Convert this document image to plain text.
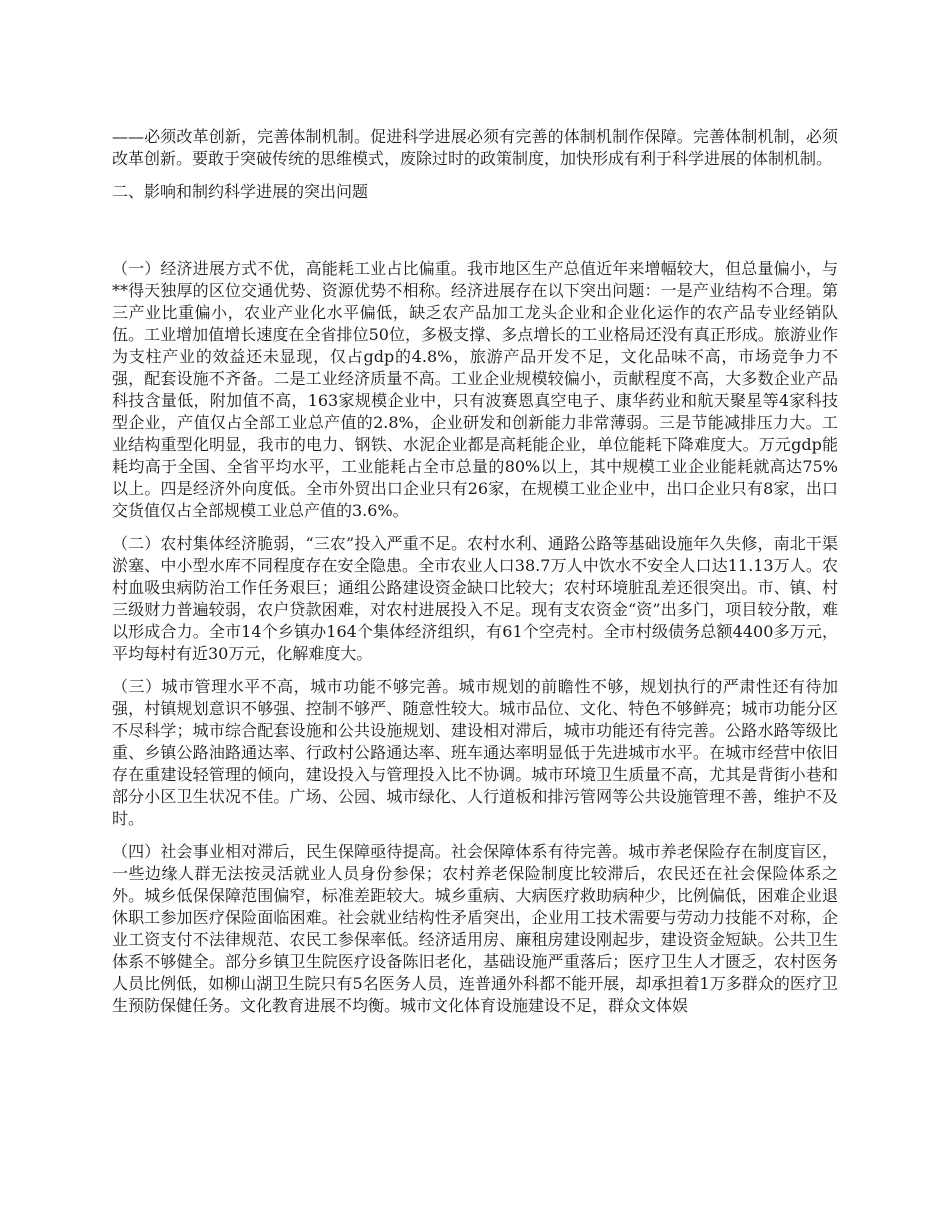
——必须改革创新，完善体制机制。促进科学进展必须有完善的体制机制作保障。完善体制机制，必须改革创新。要敢于突破传统的思维模式，废除过时的政策制度，加快形成有利于科学进展的体制机制。

二、影响和制约科学进展的突出问题

（一）经济进展方式不优，高能耗工业占比偏重。我市地区生产总值近年来增幅较大，但总量偏小，与**得天独厚的区位交通优势、资源优势不相称。经济进展存在以下突出问题：一是产业结构不合理。第三产业比重偏小，农业产业化水平偏低，缺乏农产品加工龙头企业和企业化运作的农产品专业经销队伍。工业增加值增长速度在全省排位50位，多极支撑、多点增长的工业格局还没有真正形成。旅游业作为支柱产业的效益还未显现，仅占gdp的4.8%，旅游产品开发不足，文化品味不高，市场竞争力不强，配套设施不齐备。二是工业经济质量不高。工业企业规模较偏小，贡献程度不高，大多数企业产品科技含量低，附加值不高，163家规模企业中，只有波赛恩真空电子、康华药业和航天聚星等4家科技型企业，产值仅占全部工业总产值的2.8%，企业研发和创新能力非常薄弱。三是节能减排压力大。工业结构重型化明显，我市的电力、钢铁、水泥企业都是高耗能企业，单位能耗下降难度大。万元gdp能耗均高于全国、全省平均水平，工业能耗占全市总量的80%以上，其中规模工业企业能耗就高达75%以上。四是经济外向度低。全市外贸出口企业只有26家，在规模工业企业中，出口企业只有8家，出口交货值仅占全部规模工业总产值的3.6%。

（二）农村集体经济脆弱，“三农”投入严重不足。农村水利、通路公路等基础设施年久失修，南北干渠淤塞、中小型水库不同程度存在安全隐患。全市农业人口38.7万人中饮水不安全人口达11.13万人。农村血吸虫病防治工作任务艰巨；通组公路建设资金缺口比较大；农村环境脏乱差还很突出。市、镇、村三级财力普遍较弱，农户贷款困难，对农村进展投入不足。现有支农资金“资”出多门，项目较分散，难以形成合力。全市14个乡镇办164个集体经济组织，有61个空壳村。全市村级债务总额4400多万元，平均每村有近30万元，化解难度大。

（三）城市管理水平不高，城市功能不够完善。城市规划的前瞻性不够，规划执行的严肃性还有待加强，村镇规划意识不够强、控制不够严、随意性较大。城市品位、文化、特色不够鲜亮；城市功能分区不尽科学；城市综合配套设施和公共设施规划、建设相对滞后，城市功能还有待完善。公路水路等级比重、乡镇公路油路通达率、行政村公路通达率、班车通达率明显低于先进城市水平。在城市经营中依旧存在重建设轻管理的倾向，建设投入与管理投入比不协调。城市环境卫生质量不高，尤其是背街小巷和部分小区卫生状况不佳。广场、公园、城市绿化、人行道板和排污管网等公共设施管理不善，维护不及时。

（四）社会事业相对滞后，民生保障亟待提高。社会保障体系有待完善。城市养老保险存在制度盲区，一些边缘人群无法按灵活就业人员身份参保；农村养老保险制度比较滞后，农民还在社会保险体系之外。城乡低保保障范围偏窄，标准差距较大。城乡重病、大病医疗救助病种少，比例偏低，困难企业退休职工参加医疗保险面临困难。社会就业结构性矛盾突出，企业用工技术需要与劳动力技能不对称，企业工资支付不法律规范、农民工参保率低。经济适用房、廉租房建设刚起步，建设资金短缺。公共卫生体系不够健全。部分乡镇卫生院医疗设备陈旧老化，基础设施严重落后；医疗卫生人才匮乏，农村医务人员比例低，如柳山湖卫生院只有5名医务人员，连普通外科都不能开展，却承担着1万多群众的医疗卫生预防保健任务。文化教育进展不均衡。城市文化体育设施建设不足，群众文体娱
